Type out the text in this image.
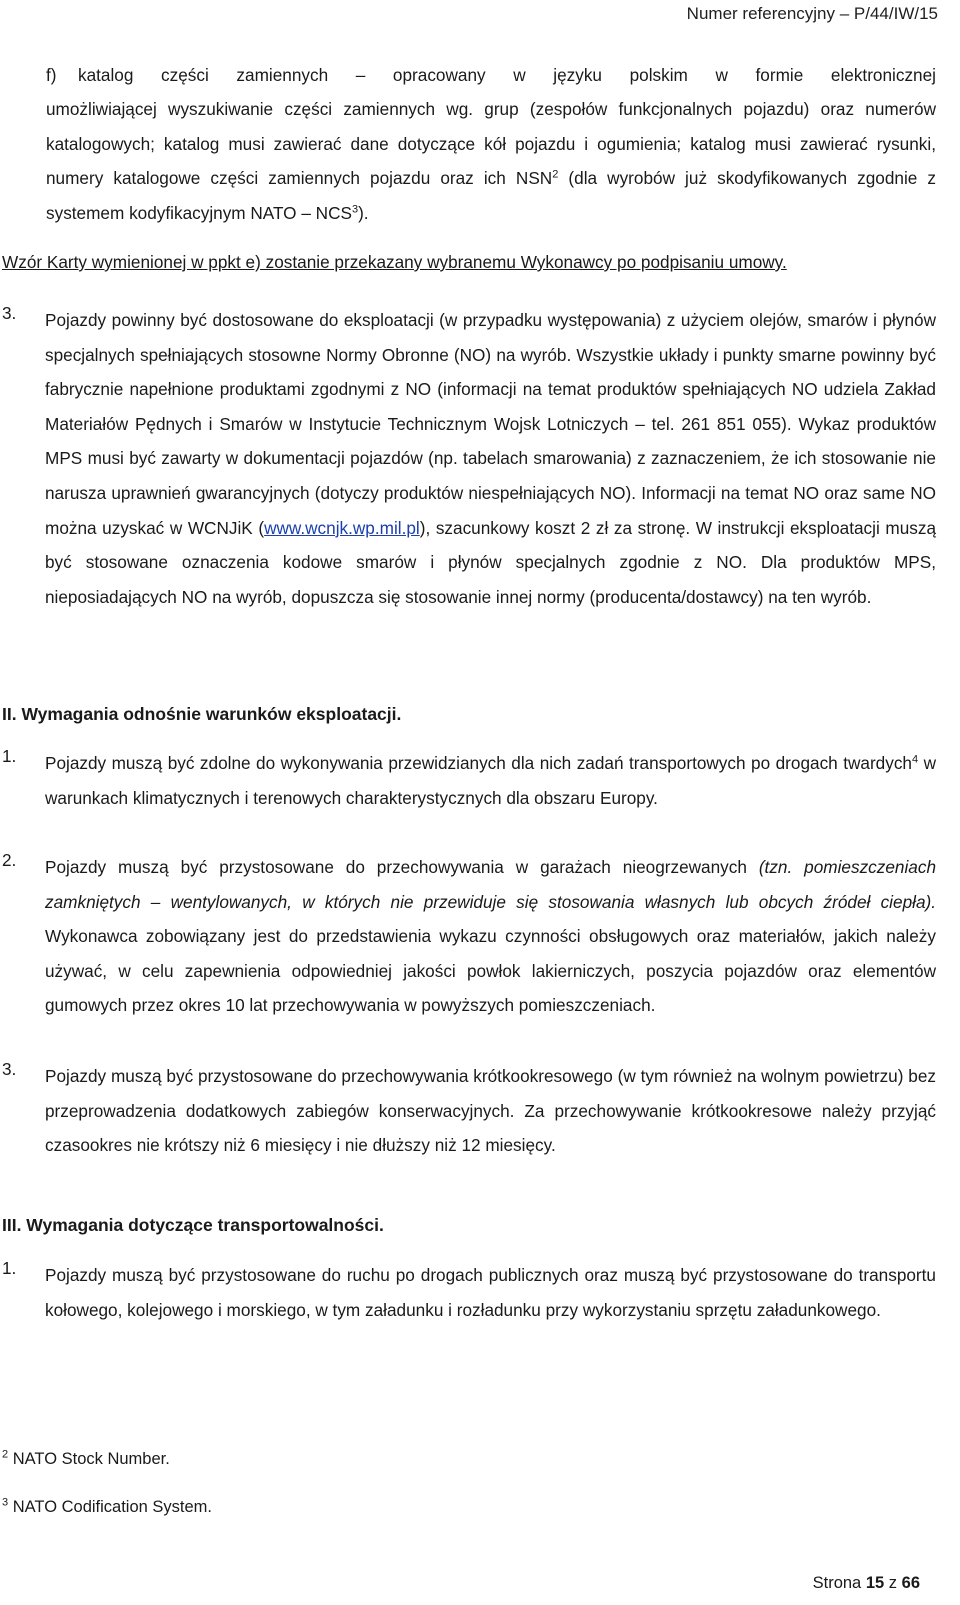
Numer referencyjny – P/44/IW/15
f)	katalog części zamiennych – opracowany w języku polskim w formie elektronicznej
umożliwiającej wyszukiwanie części zamiennych wg. grup (zespołów funkcjonalnych pojazdu) oraz numerów katalogowych; katalog musi zawierać dane dotyczące kół pojazdu i ogumienia; katalog musi zawierać rysunki, numery katalogowe części zamiennych pojazdu oraz ich NSN$^2$ (dla wyrobów już skodyfikowanych zgodnie z systemem kodyfikacyjnym NATO – NCS$^3$).
Wzór Karty wymienionej w ppkt e) zostanie przekazany wybranemu Wykonawcy po podpisaniu umowy.
3. Pojazdy powinny być dostosowane do eksploatacji (w przypadku występowania) z użyciem olejów, smarów i płynów specjalnych spełniających stosowne Normy Obronne (NO) na wyrób. Wszystkie układy i punkty smarne powinny być fabrycznie napełnione produktami zgodnymi z NO (informacji na temat produktów spełniających NO udziela Zakład Materiałów Pędnych i Smarów w Instytucie Technicznym Wojsk Lotniczych – tel. 261 851 055). Wykaz produktów MPS musi być zawarty w dokumentacji pojazdów (np. tabelach smarowania) z zaznaczeniem, że ich stosowanie nie narusza uprawnień gwarancyjnych (dotyczy produktów niespełniających NO). Informacji na temat NO oraz same NO można uzyskać w WCNJiK (www.wcnjk.wp.mil.pl), szacunkowy koszt 2 zł za stronę. W instrukcji eksploatacji muszą być stosowane oznaczenia kodowe smarów i płynów specjalnych zgodnie z NO. Dla produktów MPS, nieposiadających NO na wyrób, dopuszcza się stosowanie innej normy (producenta/dostawcy) na ten wyrób.
II. Wymagania odnośnie warunków eksploatacji.
1. Pojazdy muszą być zdolne do wykonywania przewidzianych dla nich zadań transportowych po drogach twardych$^4$ w warunkach klimatycznych i terenowych charakterystycznych dla obszaru Europy.
2. Pojazdy muszą być przystosowane do przechowywania w garażach nieogrzewanych (tzn. pomieszczeniach zamkniętych – wentylowanych, w których nie przewiduje się stosowania własnych lub obcych źródeł ciepła). Wykonawca zobowiązany jest do przedstawienia wykazu czynności obsługowych oraz materiałów, jakich należy używać, w celu zapewnienia odpowiedniej jakości powłok lakierniczych, poszycia pojazdów oraz elementów gumowych przez okres 10 lat przechowywania w powyższych pomieszczeniach.
3. Pojazdy muszą być przystosowane do przechowywania krótkookresowego (w tym również na wolnym powietrzu) bez przeprowadzenia dodatkowych zabiegów konserwacyjnych. Za przechowywanie krótkookresowe należy przyjąć czasookres nie krótszy niż 6 miesięcy i nie dłuższy niż 12 miesięcy.
III. Wymagania dotyczące transportowalności.
1. Pojazdy muszą być przystosowane do ruchu po drogach publicznych oraz muszą być przystosowane do transportu kołowego, kolejowego i morskiego, w tym załadunku i rozładunku przy wykorzystaniu sprzętu załadunkowego.
$^2$ NATO Stock Number.
$^3$ NATO Codification System.
Strona 15 z 66
